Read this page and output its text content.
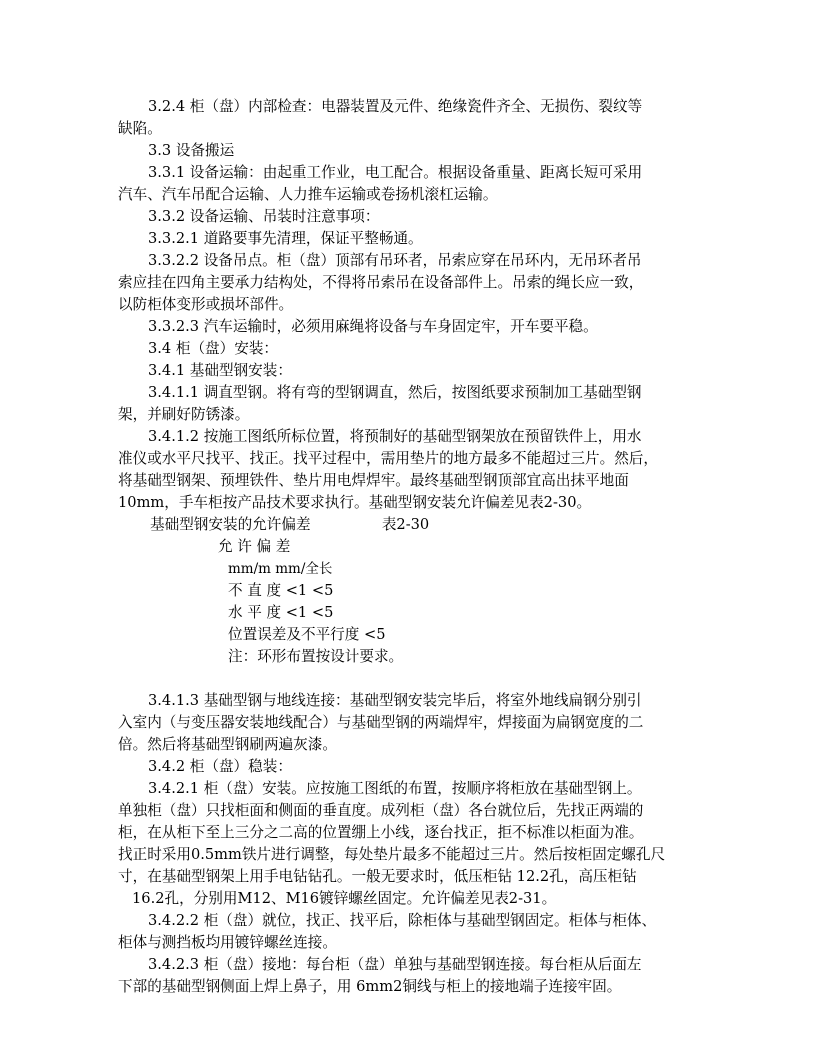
3.2.4 柜（盘）内部检查：电器装置及元件、绝缘瓷件齐全、无损伤、裂纹等
缺陷。
3.3 设备搬运
3.3.1 设备运输：由起重工作业，电工配合。根据设备重量、距离长短可采用
汽车、汽车吊配合运输、人力推车运输或卷扬机滚杠运输。
3.3.2 设备运输、吊装时注意事项：
3.3.2.1 道路要事先清理，保证平整畅通。
3.3.2.2 设备吊点。柜（盘）顶部有吊环者，吊索应穿在吊环内，无吊环者吊
索应挂在四角主要承力结构处，不得将吊索吊在设备部件上。吊索的绳长应一致，
以防柜体变形或损坏部件。
3.3.2.3 汽车运输时，必须用麻绳将设备与车身固定牢，开车要平稳。
3.4 柜（盘）安装：
3.4.1 基础型钢安装：
3.4.1.1 调直型钢。将有弯的型钢调直，然后，按图纸要求预制加工基础型钢
架，并刷好防锈漆。
3.4.1.2 按施工图纸所标位置，将预制好的基础型钢架放在预留铁件上，用水
准仪或水平尺找平、找正。找平过程中，需用垫片的地方最多不能超过三片。然后，
将基础型钢架、预埋铁件、垫片用电焊焊牢。最终基础型钢顶部宜高出抹平地面
10mm，手车柜按产品技术要求执行。基础型钢安装允许偏差见表2-30。
基础型钢安装的允许偏差	表2-30
允 许 偏 差
mm/m mm/全长
不 直 度 <1 <5
水 平 度 <1 <5
位置误差及不平行度 <5
注：环形布置按设计要求。
3.4.1.3 基础型钢与地线连接：基础型钢安装完毕后，将室外地线扁钢分别引
入室内（与变压器安装地线配合）与基础型钢的两端焊牢，焊接面为扁钢宽度的二
倍。然后将基础型钢刷两遍灰漆。
3.4.2 柜（盘）稳装：
3.4.2.1 柜（盘）安装。应按施工图纸的布置，按顺序将柜放在基础型钢上。
单独柜（盘）只找柜面和侧面的垂直度。成列柜（盘）各台就位后，先找正两端的
柜，在从柜下至上三分之二高的位置绷上小线，逐台找正，拒不标准以柜面为准。
找正时采用0.5mm铁片进行调整，每处垫片最多不能超过三片。然后按柜固定螺孔尺
寸，在基础型钢架上用手电钻钻孔。一般无要求时，低压柜钻 12.2孔，高压柜钻
16.2孔，分别用M12、M16镀锌螺丝固定。允许偏差见表2-31。
3.4.2.2 柜（盘）就位，找正、找平后，除柜体与基础型钢固定。柜体与柜体、
柜体与测挡板均用镀锌螺丝连接。
3.4.2.3 柜（盘）接地：每台柜（盘）单独与基础型钢连接。每台柜从后面左
下部的基础型钢侧面上焊上鼻子，用 6mm2铜线与柜上的接地端子连接牢固。
